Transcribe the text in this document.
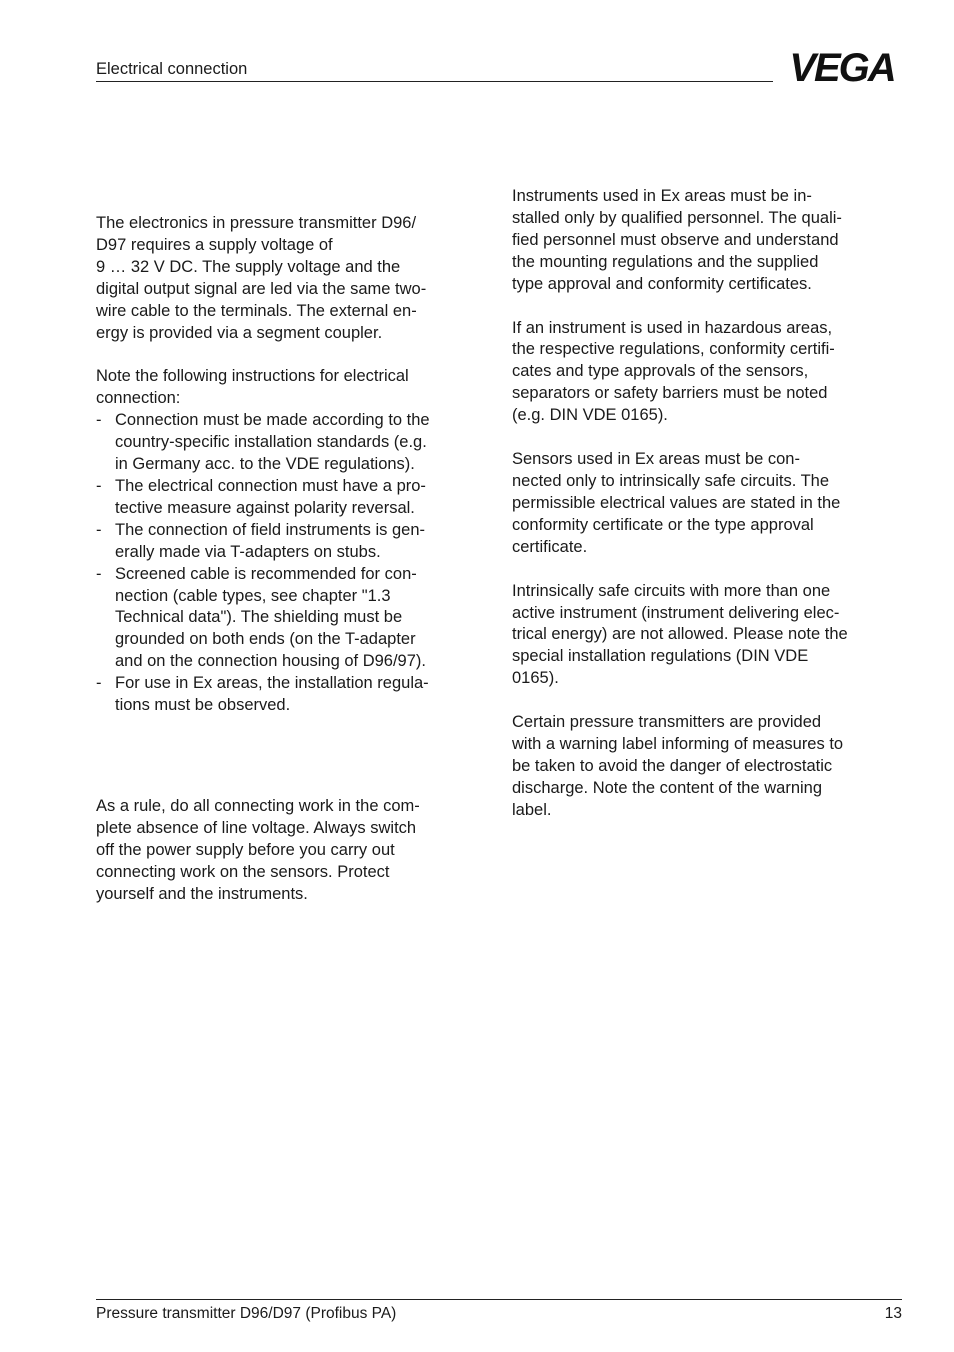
Electrical connection	VEGA

The electronics in pressure transmitter D96/
D97 requires a supply voltage of
9 … 32 V DC. The supply voltage and the
digital output signal are led via the same two-
wire cable to the terminals. The external en-
ergy is provided via a segment coupler.

Note the following instructions for electrical
connection:

- Connection must be made according to the
country-specific installation standards (e.g.
in Germany acc. to the VDE regulations).
- The electrical connection must have a pro-
tective measure against polarity reversal.
- The connection of field instruments is gen-
erally made via T-adapters on stubs.
- Screened cable is recommended for con-
nection (cable types, see chapter "1.3
Technical data"). The shielding must be
grounded on both ends (on the T-adapter
and on the connection housing of D96/97).
- For use in Ex areas, the installation regula-
tions must be observed.

As a rule, do all connecting work in the com-
plete absence of line voltage. Always switch
off the power supply before you carry out
connecting work on the sensors. Protect
yourself and the instruments.

Instruments used in Ex areas must be in-
stalled only by qualified personnel. The quali-
fied personnel must observe and understand
the mounting regulations and the supplied
type approval and conformity certificates.

If an instrument is used in hazardous areas,
the respective regulations, conformity certifi-
cates and type approvals of the sensors,
separators or safety barriers must be noted
(e.g. DIN VDE 0165).

Sensors used in Ex areas must be con-
nected only to intrinsically safe circuits. The
permissible electrical values are stated in the
conformity certificate or the type approval
certificate.

Intrinsically safe circuits with more than one
active instrument (instrument delivering elec-
trical energy) are not allowed. Please note the
special installation regulations (DIN VDE
0165).

Certain pressure transmitters are provided
with a warning label informing of measures to
be taken to avoid the danger of electrostatic
discharge. Note the content of the warning
label.

Pressure transmitter D96/D97 (Profibus PA)	13
